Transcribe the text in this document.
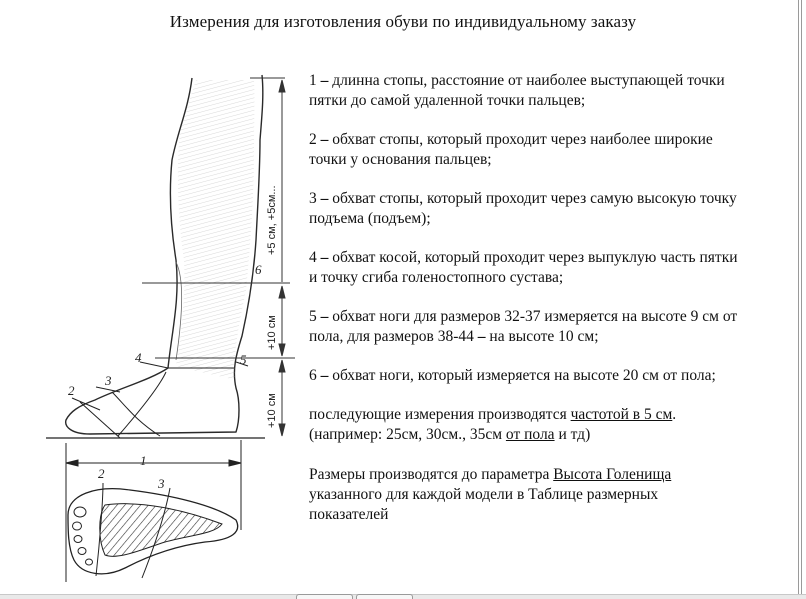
Измерения для изготовления обуви по индивидуальному заказу
+5 см, +5см...
+10 см
+10 см
2
3
4	5
6
1
2
3

1 – длинна стопы, расстояние от наиболее выступающей точки пятки до самой удаленной точки пальцев;

2 – обхват стопы, который проходит через наиболее широкие точки у основания пальцев;

3 – обхват стопы, который проходит через самую высокую точку подъема (подъем);

4 – обхват косой, который проходит через выпуклую часть пятки и точку сгиба голеностопного сустава;

5 – обхват ноги для размеров 32-37 измеряется на высоте 9 см от пола, для размеров 38-44 – на высоте 10 см;

6 – обхват ноги, который измеряется на высоте 20 см от пола;

последующие измерения производятся частотой в 5 см. (например: 25см, 30см., 35см от пола и тд)

Размеры производятся до параметра Высота Голенища указанного для каждой модели в Таблице размерных показателей
